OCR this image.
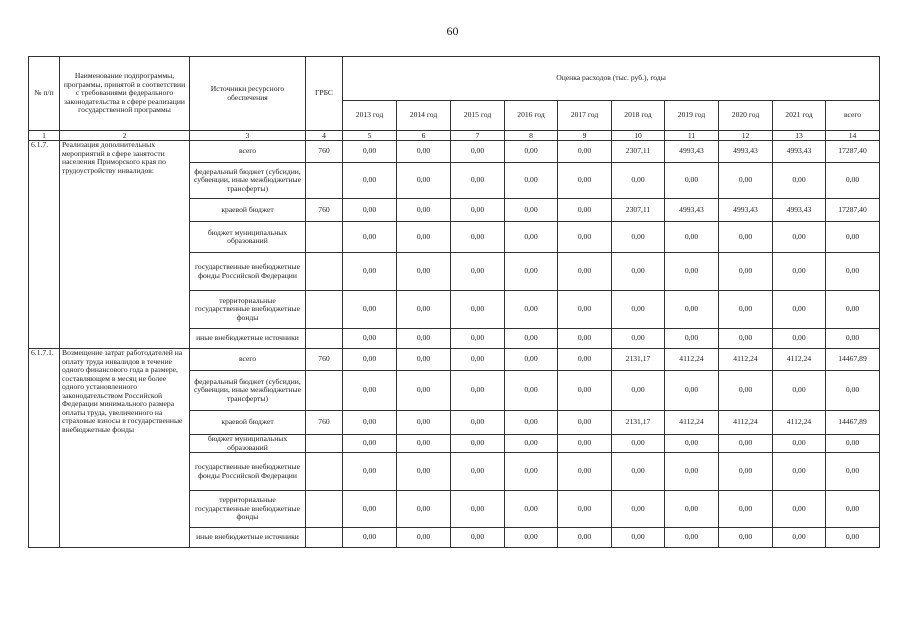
60
№ п/п	Наименование подпрограммы, программы, принятой в соответствии с требованиями федерального законодательства в сфере реализации государственной программы	Источники ресурсного обеспечения	ГРБС	Оценка расходов (тыс. руб.), годы									
				2013 год	2014 год	2015 год	2016 год	2017 год	2018 год	2019 год	2020 год	2021 год	всего
1	2	3	4	5	6	7	8	9	10	11	12	13	14
6.1.7.	Реализация дополнительных мероприятий в сфере занятости населения Приморского края по трудоустройству инвалидов:	всего	760	0,00	0,00	0,00	0,00	0,00	2307,11	4993,43	4993,43	4993,43	17287,40
		федеральный бюджет (субсидии, субвенции, иные межбюджетные трансферты)		0,00	0,00	0,00	0,00	0,00	0,00	0,00	0,00	0,00	0,00
		краевой бюджет	760	0,00	0,00	0,00	0,00	0,00	2307,11	4993,43	4993,43	4993,43	17287,40
		бюджет муниципальных образований		0,00	0,00	0,00	0,00	0,00	0,00	0,00	0,00	0,00	0,00
		государственные внебюджетные фонды Российской Федерации		0,00	0,00	0,00	0,00	0,00	0,00	0,00	0,00	0,00	0,00
		территориальные государственные внебюджетные фонды		0,00	0,00	0,00	0,00	0,00	0,00	0,00	0,00	0,00	0,00
		иные внебюджетные источники		0,00	0,00	0,00	0,00	0,00	0,00	0,00	0,00	0,00	0,00
6.1.7.1.	Возмещение затрат работодателей на оплату труда инвалидов в течение одного финансового года в размере, составляющем в месяц не более одного установленного законодательством Российской Федерации минимального размера оплаты труда, увеличенного на страховые взносы в государственные внебюджетные фонды	всего	760	0,00	0,00	0,00	0,00	0,00	2131,17	4112,24	4112,24	4112,24	14467,89
		федеральный бюджет (субсидии, субвенции, иные межбюджетные трансферты)		0,00	0,00	0,00	0,00	0,00	0,00	0,00	0,00	0,00	0,00
		краевой бюджет	760	0,00	0,00	0,00	0,00	0,00	2131,17	4112,24	4112,24	4112,24	14467,89
		бюджет муниципальных образований		0,00	0,00	0,00	0,00	0,00	0,00	0,00	0,00	0,00	0,00
		государственные внебюджетные фонды Российской Федерации		0,00	0,00	0,00	0,00	0,00	0,00	0,00	0,00	0,00	0,00
		территориальные государственные внебюджетные фонды		0,00	0,00	0,00	0,00	0,00	0,00	0,00	0,00	0,00	0,00
		иные внебюджетные источники		0,00	0,00	0,00	0,00	0,00	0,00	0,00	0,00	0,00	0,00
